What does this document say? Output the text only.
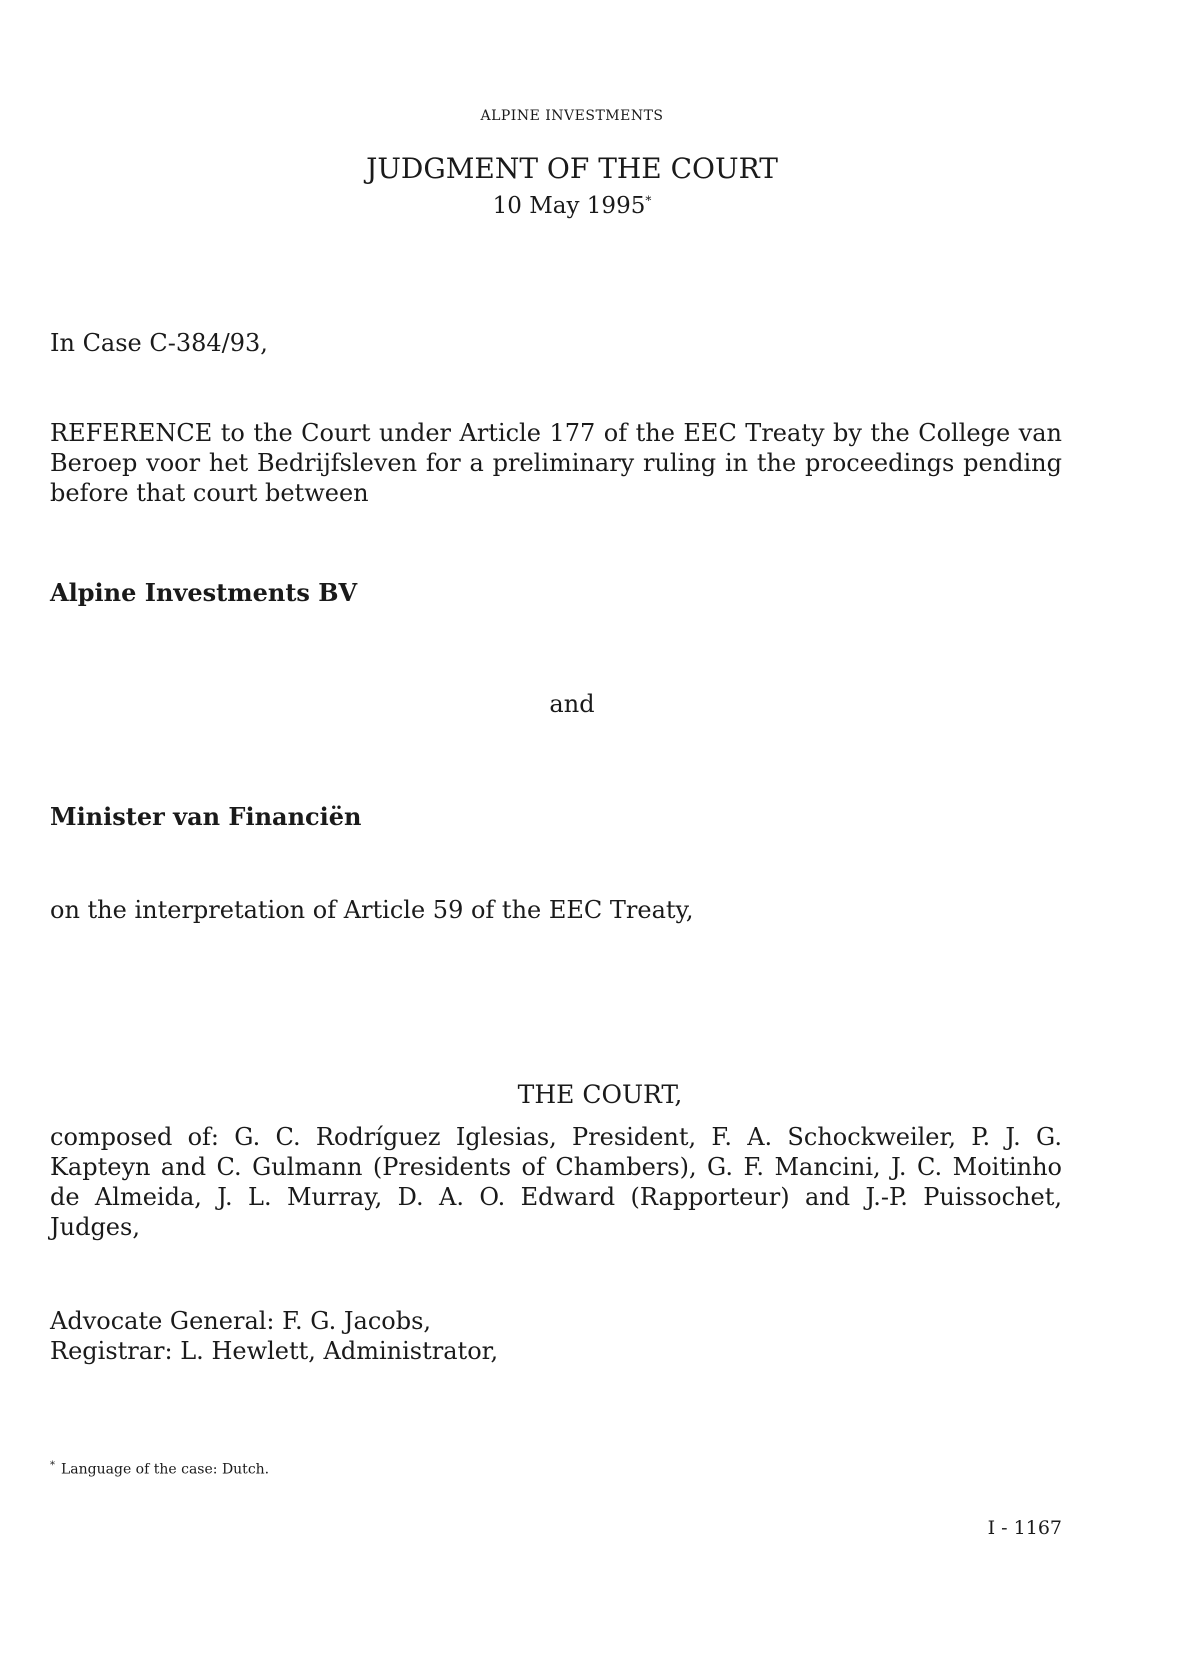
ALPINE INVESTMENTS
JUDGMENT OF THE COURT
10 May 1995*
In Case C-384/93,
REFERENCE to the Court under Article 177 of the EEC Treaty by the College van Beroep voor het Bedrijfsleven for a preliminary ruling in the proceedings pending before that court between
Alpine Investments BV
and
Minister van Financiën
on the interpretation of Article 59 of the EEC Treaty,
THE COURT,
composed of: G. C. Rodríguez Iglesias, President, F. A. Schockweiler, P. J. G. Kapteyn and C. Gulmann (Presidents of Chambers), G. F. Mancini, J. C. Moitinho de Almeida, J. L. Murray, D. A. O. Edward (Rapporteur) and J.-P. Puissochet, Judges,
Advocate General: F. G. Jacobs,
Registrar: L. Hewlett, Administrator,
* Language of the case: Dutch.
I - 1167
